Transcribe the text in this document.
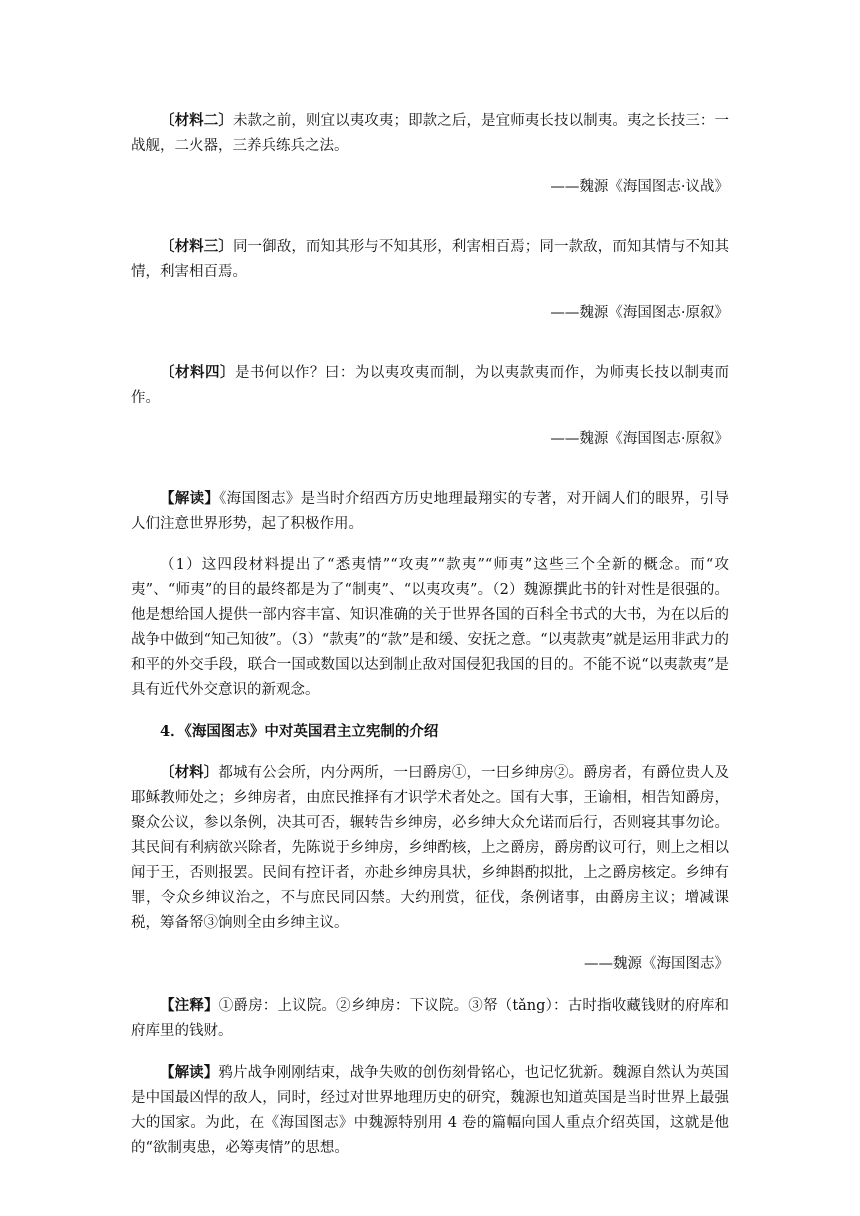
〔材料二〕未款之前，则宜以夷攻夷；即款之后，是宜师夷长技以制夷。夷之长技三：一战舰，二火器，三养兵练兵之法。

——魏源《海国图志·议战》

〔材料三〕同一御敌，而知其形与不知其形，利害相百焉；同一款敌，而知其情与不知其情，利害相百焉。

——魏源《海国图志·原叙》

〔材料四〕是书何以作？曰：为以夷攻夷而制，为以夷款夷而作，为师夷长技以制夷而作。

——魏源《海国图志·原叙》

【解读】《海国图志》是当时介绍西方历史地理最翔实的专著，对开阔人们的眼界，引导人们注意世界形势，起了积极作用。

（1）这四段材料提出了“悉夷情”“攻夷”“款夷”“师夷”这些三个全新的概念。而“攻夷”、“师夷”的目的最终都是为了“制夷”、“以夷攻夷”。（2）魏源撰此书的针对性是很强的。他是想给国人提供一部内容丰富、知识准确的关于世界各国的百科全书式的大书，为在以后的战争中做到“知己知彼”。（3）“款夷”的“款”是和缓、安抚之意。“以夷款夷”就是运用非武力的和平的外交手段，联合一国或数国以达到制止敌对国侵犯我国的目的。不能不说“以夷款夷”是具有近代外交意识的新观念。

4．《海国图志》中对英国君主立宪制的介绍

〔材料〕都城有公会所，内分两所，一曰爵房①，一曰乡绅房②。爵房者，有爵位贵人及耶稣教师处之；乡绅房者，由庶民推择有才识学术者处之。国有大事，王谕相，相告知爵房，聚众公议，参以条例，决其可否，辗转告乡绅房，必乡绅大众允诺而后行，否则寝其事勿论。其民间有利病欲兴除者，先陈说于乡绅房，乡绅酌核，上之爵房，爵房酌议可行，则上之相以闻于王，否则报罢。民间有控讦者，亦赴乡绅房具状，乡绅斟酌拟批，上之爵房核定。乡绅有罪，令众乡绅议治之，不与庶民同囚禁。大约刑赏，征伐，条例诸事，由爵房主议；增减课税，筹备帑③饷则全由乡绅主议。

——魏源《海国图志》

【注释】①爵房：上议院。②乡绅房：下议院。③帑（tǎng）：古时指收藏钱财的府库和府库里的钱财。

【解读】鸦片战争刚刚结束，战争失败的创伤刻骨铭心，也记忆犹新。魏源自然认为英国是中国最凶悍的敌人，同时，经过对世界地理历史的研究，魏源也知道英国是当时世界上最强大的国家。为此，在《海国图志》中魏源特别用 4 卷的篇幅向国人重点介绍英国，这就是他的“欲制夷患，必筹夷情”的思想。
